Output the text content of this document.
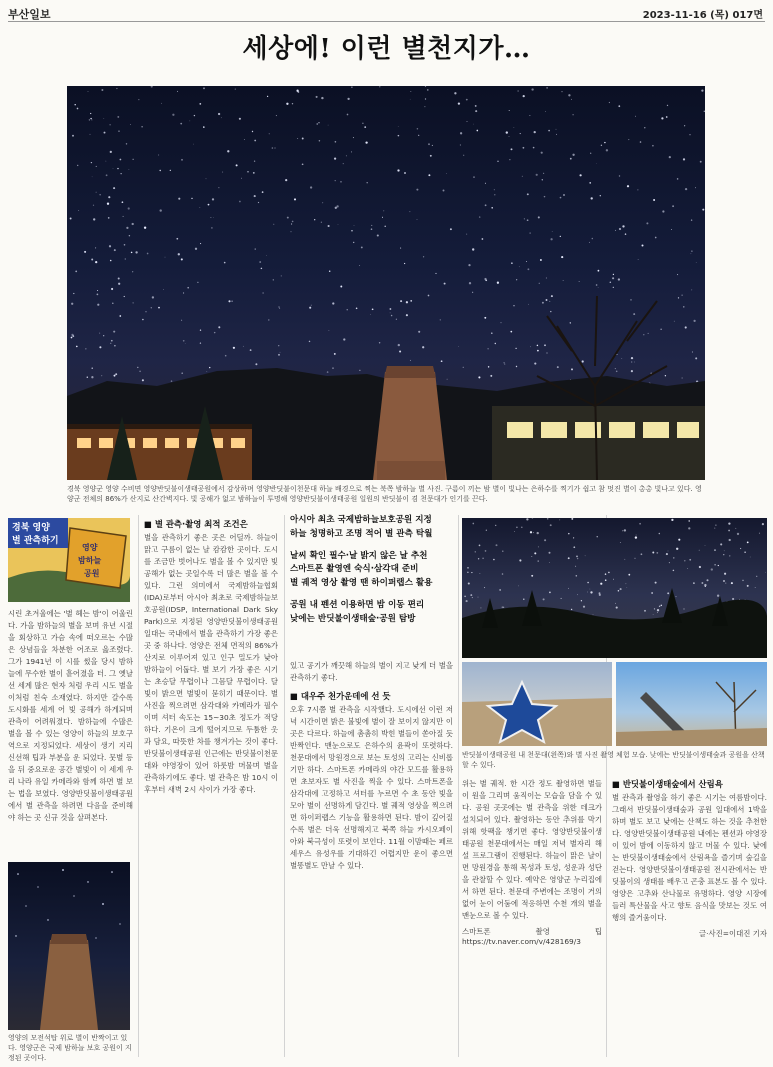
부산일보	2023-11-16 (목) 017면
세상에! 이런 별천지가…
경북 영양군 영양 수비면 영양반딧불이생태공원에서 감상하며 영양반딧불이천문대 하늘 배경으로 찍는 북쪽 밤하늘 별 사진. 구름이 끼는 밤 별이 빛나는 은하수를 찍기가 쉽고 참 멋진 별이 총총 빛나고 있다. 영양군 전체의 86%가 산지로 산간벽지다. 빛 공해가 없고 밤하늘이 투명해 영양반딧불이생태공원 일원의 반딧불이 겸 천문대가 인기를 끈다.
경북 영양
별 관측하기
영양
밤하늘
공원
시린 초겨울에는 '별 헤는 밤'이 어울린다. 가을 밤하늘의 별을 보며 유년 시절을 회상하고 가슴 속에 떠오르는 수많은 상념들을 차분한 어조로 읊조렸다. 그가 1941년 이 시를 썼을 당시 밤하늘에 무수한 별이 흩어졌을 터. 그 옛날 선 세계 많은 현자 처럼 우리 시도 별을 이처럼 친숙 소재였다. 하지만 갈수록 도시화를 세계 어 빛 공해가 하게되며 관측이 어려워졌다. 밤하늘에 수많은 별을 볼 수 있는 영양이 하늘의 보호구역으로 지정되었다. 세상이 생기 지리 신선해 팁과 부분을 운 되었다. 뭇별 등을 뒤 중요로운 공간 별빛이 이 세계 우리 나라 유일 카메라와 함께 하면 별 보는 법을 보였다. 영양반딧불이생태공원에서 별 관측을 하려면 다음을 준비해야 하는 곳 신규 것을 살펴본다.
영양의 모전석탑 위로 별이 반짝이고 있다. 영양군은 국제 밤하늘 보호 공원이 지정된 곳이다.
■ 별 관측·촬영 최적 조건은
별을 관측하기 좋은 곳은 어딜까. 하늘이 맑고 구름이 없는 날 캄캄한 곳이다. 도시를 조금만 벗어나도 별을 볼 수 있지만 빛 공해가 없는 곳일수록 더 많은 별을 볼 수 있다. 그런 의미에서 국제밤하늘협회(IDA)로부터 아시아 최초로 국제밤하늘보호공원(IDSP, International Dark Sky Park)으로 지정된 영양반딧불이생태공원 일대는 국내에서 별을 관측하기 가장 좋은 곳 중 하나다. 영양은 전체 면적의 86%가 산지로 이루어져 있고 인구 밀도가 낮아 밤하늘이 어둡다. 별 보기 가장 좋은 시기는 초승달 무렵이나 그믐달 무렵이다. 달빛이 밝으면 별빛이 묻히기 때문이다. 별 사진을 찍으려면 삼각대와 카메라가 필수이며 셔터 속도는 15~30초 정도가 적당하다. 기온이 크게 떨어지므로 두툼한 옷과 담요, 따뜻한 차를 챙겨가는 것이 좋다. 반딧불이생태공원 인근에는 반딧불이천문대와 야영장이 있어 하룻밤 머물며 별을 관측하기에도 좋다. 별 관측은 밤 10시 이후부터 새벽 2시 사이가 가장 좋다.
아시아 최초 국제밤하늘보호공원 지정
하늘 청명하고 조명 적어 별 관측 탁월
날씨 확인 필수·날 밝지 않은 날 추천
스마트폰 촬영엔 숙식·삼각대 준비
별 궤적 영상 촬영 땐 하이퍼랩스 활용
공원 내 펜션 이용하면 밤 이동 편리
낮에는 반딧불이생태숲·공원 탐방
있고 공기가 깨끗해 하늘의 별이 지고 낮게 더 별을 관측하기 좋다.
■ 대우주 천가운데에 선 듯
오후 7시쯤 별 관측을 시작했다. 도시에선 이런 저녁 시간이면 밝은 불빛에 별이 잘 보이지 않지만 이곳은 다르다. 하늘에 촘촘히 박힌 별들이 쏟아질 듯 반짝인다. 맨눈으로도 은하수의 윤곽이 또렷하다. 천문대에서 망원경으로 보는 토성의 고리는 신비롭기만 하다. 스마트폰 카메라의 야간 모드를 활용하면 초보자도 별 사진을 찍을 수 있다. 스마트폰을 삼각대에 고정하고 셔터를 누르면 수 초 동안 빛을 모아 별이 선명하게 담긴다. 별 궤적 영상을 찍으려면 하이퍼랩스 기능을 활용하면 된다. 밤이 깊어질수록 별은 더욱 선명해지고 북쪽 하늘 카시오페이아와 북극성이 또렷이 보인다. 11월 이맘때는 페르세우스 유성우를 기대하긴 어렵지만 운이 좋으면 별똥별도 만날 수 있다.
반딧불이생태공원 내 천문대(왼쪽)와 별 사진 촬영 체험 모습. 낮에는 반딧불이생태숲과 공원을 산책할 수 있다.
위는 별 궤적. 한 시간 정도 촬영하면 별들이 원을 그리며 움직이는 모습을 담을 수 있다. 공원 곳곳에는 별 관측을 위한 데크가 설치되어 있다. 촬영하는 동안 추위를 막기 위해 핫팩을 챙기면 좋다. 영양반딧불이생태공원 천문대에서는 매일 저녁 별자리 해설 프로그램이 진행된다. 하늘이 맑은 날이면 망원경을 통해 목성과 토성, 성운과 성단을 관찰할 수 있다. 예약은 영양군 누리집에서 하면 된다. 천문대 주변에는 조명이 거의 없어 눈이 어둠에 적응하면 수천 개의 별을 맨눈으로 볼 수 있다.
스마트폰 촬영 팁 https://tv.naver.com/v/428169/3
■ 반딧불이생태숲에서 산림욕
별 관측과 촬영을 하기 좋은 시기는 여름밤이다. 그래서 반딧불이생태숲과 공원 일대에서 1박을 하며 별도 보고 낮에는 산책도 하는 것을 추천한다. 영양반딧불이생태공원 내에는 펜션과 야영장이 있어 밤에 이동하지 않고 머물 수 있다. 낮에는 반딧불이생태숲에서 산림욕을 즐기며 숲길을 걷는다. 영양반딧불이생태공원 전시관에서는 반딧불이의 생태를 배우고 곤충 표본도 볼 수 있다. 영양은 고추와 산나물로 유명하다. 영양 시장에 들러 특산물을 사고 향토 음식을 맛보는 것도 여행의 즐거움이다.
글·사진=이대진 기자
